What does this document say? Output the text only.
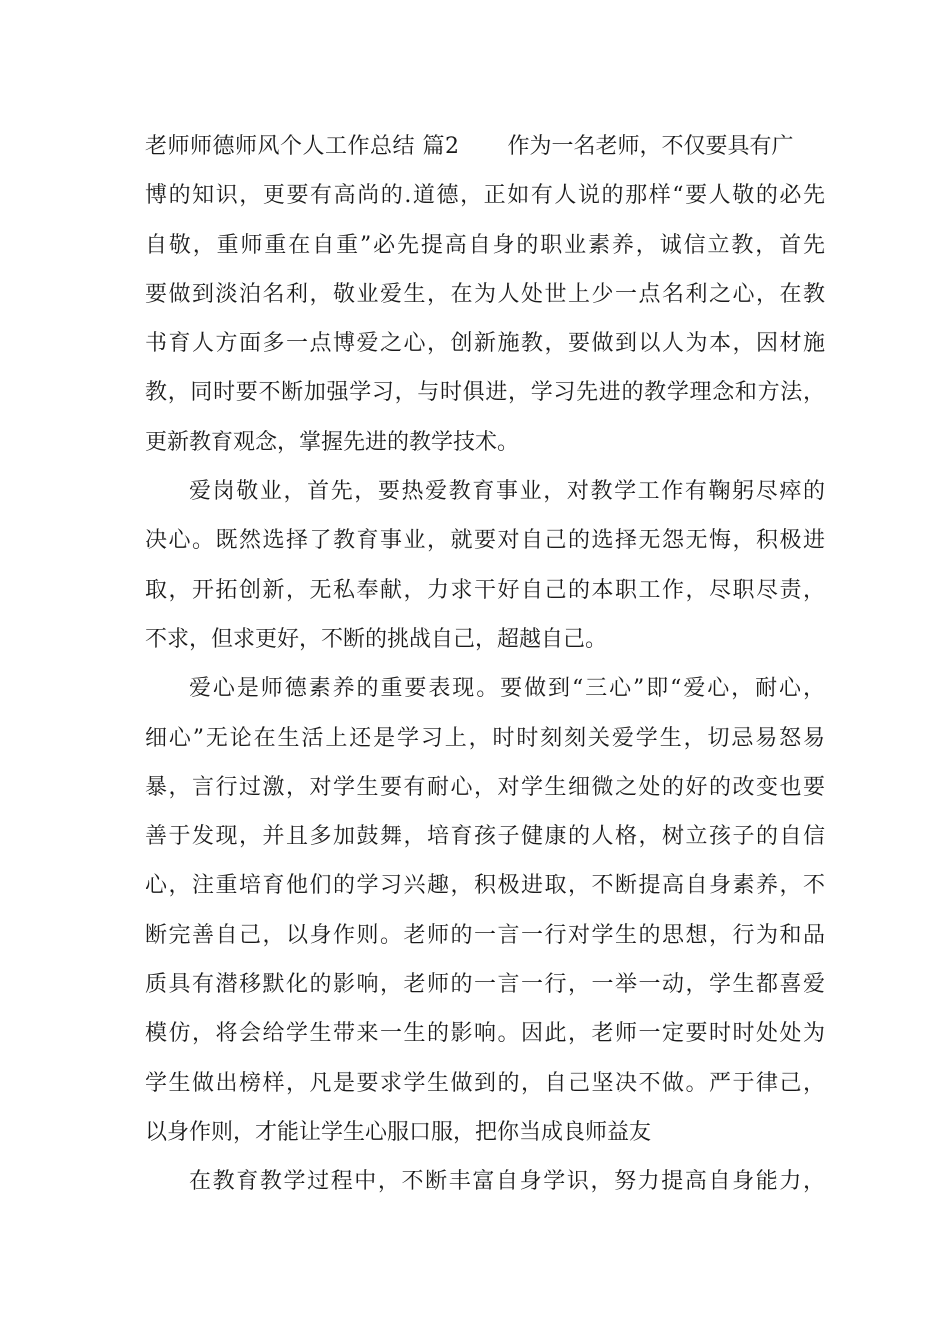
老师师德师风个人工作总结 篇2 作为一名老师，不仅要具有广
博的知识，更要有高尚的.道德，正如有人说的那样“要人敬的必先
自敬，重师重在自重”必先提高自身的职业素养，诚信立教，首先
要做到淡泊名利，敬业爱生，在为人处世上少一点名利之心，在教
书育人方面多一点博爱之心，创新施教，要做到以人为本，因材施
教，同时要不断加强学习，与时俱进，学习先进的教学理念和方法，
更新教育观念，掌握先进的教学技术。
爱岗敬业，首先，要热爱教育事业，对教学工作有鞠躬尽瘁的
决心。既然选择了教育事业，就要对自己的选择无怨无悔，积极进
取，开拓创新，无私奉献，力求干好自己的本职工作，尽职尽责，
不求，但求更好，不断的挑战自己，超越自己。
爱心是师德素养的重要表现。要做到“三心”即“爱心，耐心，
细心”无论在生活上还是学习上，时时刻刻关爱学生，切忌易怒易
暴，言行过激，对学生要有耐心，对学生细微之处的好的改变也要
善于发现，并且多加鼓舞，培育孩子健康的人格，树立孩子的自信
心，注重培育他们的学习兴趣，积极进取，不断提高自身素养，不
断完善自己，以身作则。老师的一言一行对学生的思想，行为和品
质具有潜移默化的影响，老师的一言一行，一举一动，学生都喜爱
模仿，将会给学生带来一生的影响。因此，老师一定要时时处处为
学生做出榜样，凡是要求学生做到的，自己坚决不做。严于律己，
以身作则，才能让学生心服口服，把你当成良师益友
在教育教学过程中，不断丰富自身学识，努力提高自身能力，
